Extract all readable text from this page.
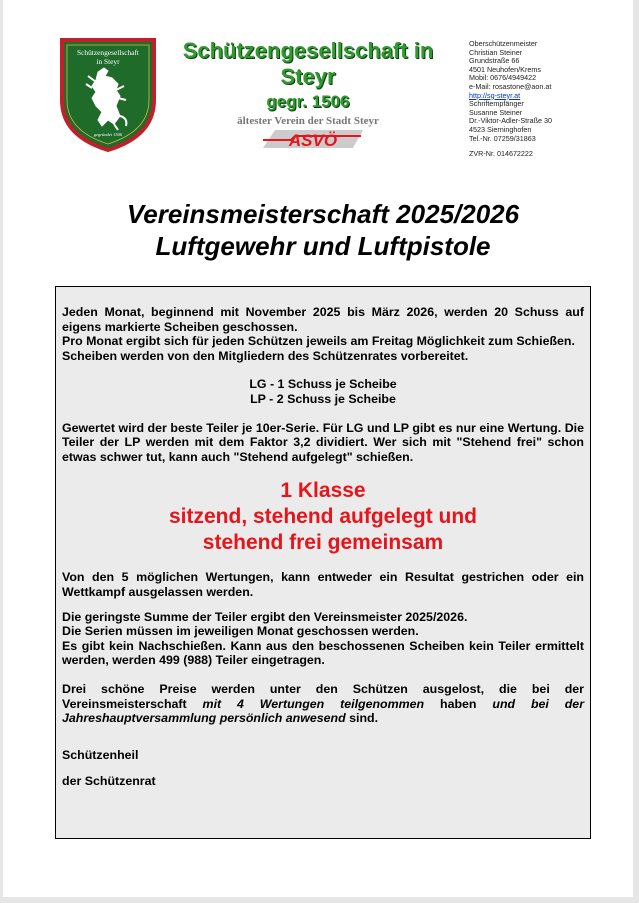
Schützengesellschaft
in Steyr
gegründet 1506
Schützengesellschaft in
Steyr
gegr. 1506
ältester Verein der Stadt Steyr
ASVÖ
Oberschützenmeister
Christian Steiner
Grundstraße 66
4501 Neuhofen/Krems
Mobil: 0676/4949422
e-Mail: rosastone@aon.at
http://sg-steyr.at
Schriftempfänger
Susanne Steiner
Dr.-Viktor-Adler-Straße 30
4523 Sierninghofen
Tel.-Nr. 07259/31863
ZVR-Nr. 014672222
Vereinsmeisterschaft 2025/2026
Luftgewehr und Luftpistole

Jeden Monat, beginnend mit November 2025 bis März 2026, werden 20 Schuss auf eigens markierte Scheiben geschossen.

Pro Monat ergibt sich für jeden Schützen jeweils am Freitag Möglichkeit zum Schießen.

Scheiben werden von den Mitgliedern des Schützenrates vorbereitet.

LG - 1 Schuss je Scheibe

LP - 2 Schuss je Scheibe

Gewertet wird der beste Teiler je 10er-Serie. Für LG und LP gibt es nur eine Wertung. Die Teiler der LP werden mit dem Faktor 3,2 dividiert. Wer sich mit "Stehend frei" schon etwas schwer tut, kann auch "Stehend aufgelegt" schießen.

1 Klasse
sitzend, stehend aufgelegt und
stehend frei gemeinsam

Von den 5 möglichen Wertungen, kann entweder ein Resultat gestrichen oder ein Wettkampf ausgelassen werden.

Die geringste Summe der Teiler ergibt den Vereinsmeister 2025/2026.

Die Serien müssen im jeweiligen Monat geschossen werden.

Es gibt kein Nachschießen. Kann aus den beschossenen Scheiben kein Teiler ermittelt werden, werden 499 (988) Teiler eingetragen.

Drei schöne Preise werden unter den Schützen ausgelost, die bei der Vereinsmeisterschaft mit 4 Wertungen teilgenommen haben und bei der Jahreshauptversammlung persönlich anwesend sind.

Schützenheil

der Schützenrat
